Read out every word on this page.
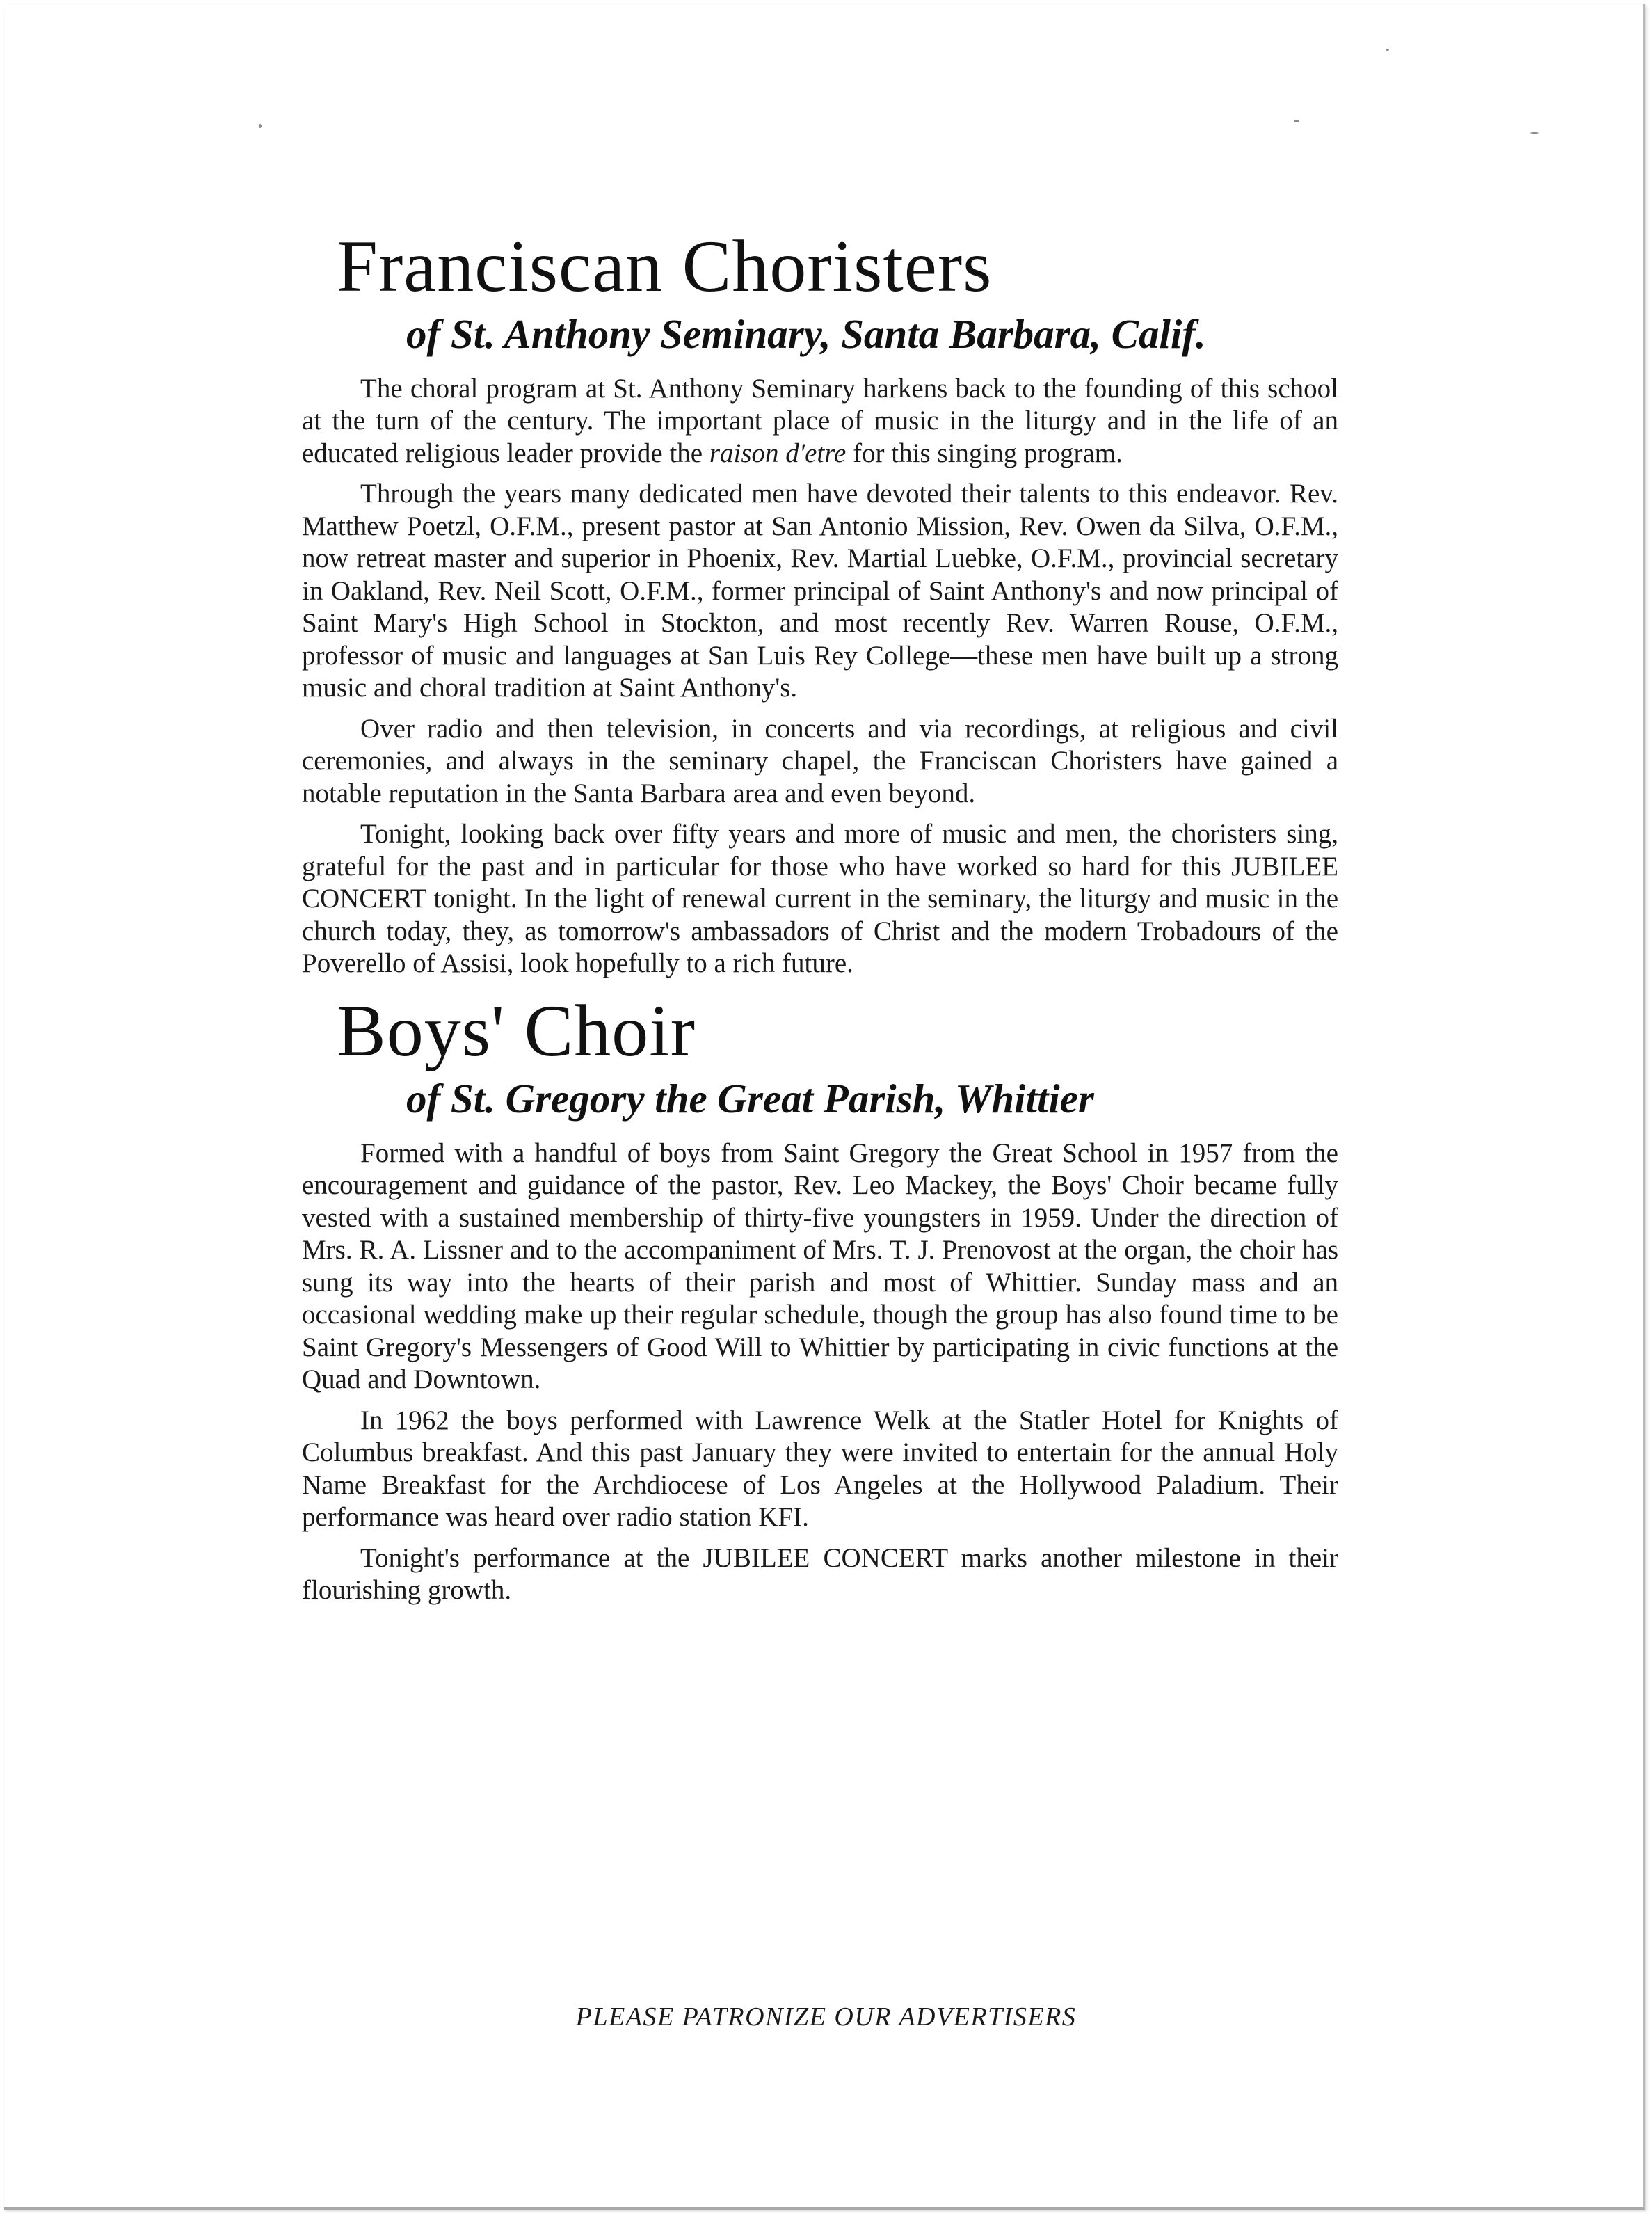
Franciscan Choristers
of St. Anthony Seminary, Santa Barbara, Calif.

The choral program at St. Anthony Seminary harkens back to the founding of this school at the turn of the century. The important place of music in the liturgy and in the life of an educated religious leader provide the raison d'etre for this singing program.

Through the years many dedicated men have devoted their talents to this endeavor. Rev. Matthew Poetzl, O.F.M., present pastor at San Antonio Mission, Rev. Owen da Silva, O.F.M., now retreat master and superior in Phoenix, Rev. Martial Luebke, O.F.M., provincial secretary in Oakland, Rev. Neil Scott, O.F.M., former principal of Saint Anthony's and now principal of Saint Mary's High School in Stockton, and most recently Rev. Warren Rouse, O.F.M., professor of music and languages at San Luis Rey College—these men have built up a strong music and choral tradition at Saint Anthony's.

Over radio and then television, in concerts and via recordings, at religious and civil ceremonies, and always in the seminary chapel, the Franciscan Choristers have gained a notable reputation in the Santa Barbara area and even beyond.

Tonight, looking back over fifty years and more of music and men, the choristers sing, grateful for the past and in particular for those who have worked so hard for this JUBILEE CONCERT tonight. In the light of renewal current in the seminary, the liturgy and music in the church today, they, as tomorrow's ambassadors of Christ and the modern Trobadours of the Poverello of Assisi, look hopefully to a rich future.

Boys' Choir
of St. Gregory the Great Parish, Whittier

Formed with a handful of boys from Saint Gregory the Great School in 1957 from the encouragement and guidance of the pastor, Rev. Leo Mackey, the Boys' Choir became fully vested with a sustained membership of thirty-five youngsters in 1959. Under the direction of Mrs. R. A. Lissner and to the accompaniment of Mrs. T. J. Prenovost at the organ, the choir has sung its way into the hearts of their parish and most of Whittier. Sunday mass and an occasional wedding make up their regular schedule, though the group has also found time to be Saint Gregory's Messengers of Good Will to Whittier by participating in civic functions at the Quad and Downtown.

In 1962 the boys performed with Lawrence Welk at the Statler Hotel for Knights of Columbus breakfast. And this past January they were invited to entertain for the annual Holy Name Breakfast for the Archdiocese of Los Angeles at the Hollywood Paladium. Their performance was heard over radio station KFI.

Tonight's performance at the JUBILEE CONCERT marks another milestone in their flourishing growth.

PLEASE PATRONIZE OUR ADVERTISERS
